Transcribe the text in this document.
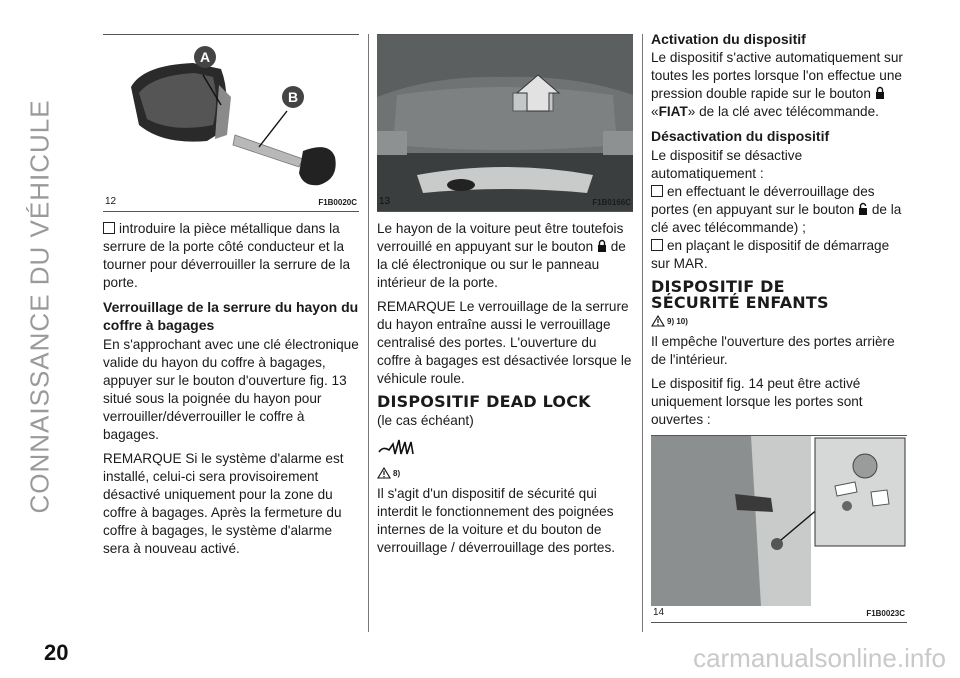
CONNAISSANCE DU VÉHICULE
A
B
12	F1B0020C

introduire la pièce métallique dans la serrure de la porte côté conducteur et la tourner pour déverrouiller la serrure de la porte.

Verrouillage de la serrure du hayon du coffre à bagages

En s'approchant avec une clé électronique valide du hayon du coffre à bagages, appuyer sur le bouton d'ouverture fig. 13 situé sous la poignée du hayon pour verrouiller/déverrouiller le coffre à bagages.

REMARQUE Si le système d'alarme est installé, celui-ci sera provisoirement désactivé uniquement pour la zone du coffre à bagages. Après la fermeture du coffre à bagages, le système d'alarme sera à nouveau activé.

13	F1B0166C

Le hayon de la voiture peut être toutefois verrouillé en appuyant sur le bouton de la clé électronique ou sur le panneau intérieur de la porte.

REMARQUE Le verrouillage de la serrure du hayon entraîne aussi le verrouillage centralisé des portes. L'ouverture du coffre à bagages est désactivée lorsque le véhicule roule.

DISPOSITIF DEAD LOCK
(le cas échéant)
8)

Il s'agit d'un dispositif de sécurité qui interdit le fonctionnement des poignées internes de la voiture et du bouton de verrouillage / déverrouillage des portes.

Activation du dispositif

Le dispositif s'active automatiquement sur toutes les portes lorsque l'on effectue une pression double rapide sur le bouton «FIAT» de la clé avec télécommande.

Désactivation du dispositif

Le dispositif se désactive automatiquement :

en effectuant le déverrouillage des portes (en appuyant sur le bouton de la clé avec télécommande) ;

en plaçant le dispositif de démarrage sur MAR.

DISPOSITIF DE
SÉCURITÉ ENFANTS
9) 10)

Il empêche l'ouverture des portes arrière de l'intérieur.

Le dispositif fig. 14 peut être activé uniquement lorsque les portes sont ouvertes :

14	F1B0023C
20	carmanualsonline.info
